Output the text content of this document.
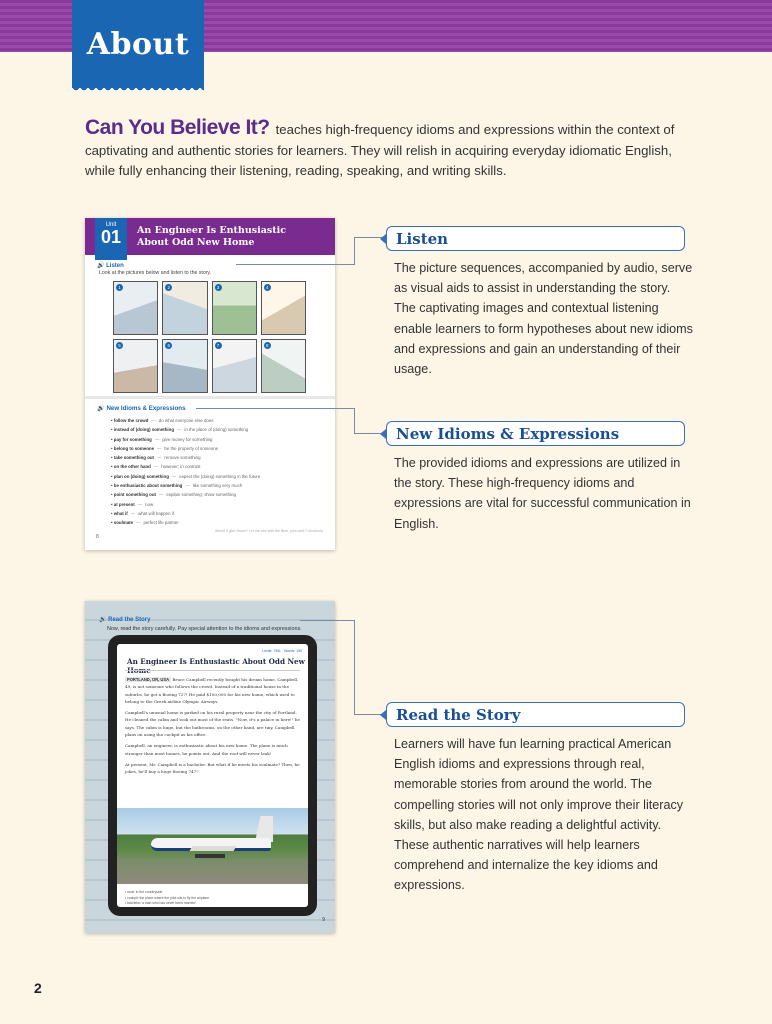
About

Can You Believe It? teaches high-frequency idioms and expressions within the context of captivating and authentic stories for learners. They will relish in acquiring everyday idiomatic English, while fully enhancing their listening, reading, speaking, and writing skills.

Unit
01	An Engineer Is Enthusiastic
About Odd New Home
🔊 Listen
Look at the pictures below and listen to the story.
1
2
3
4
5
6
7
8
🔊 New Idioms & Expressions
• follow the crowd — do what everyone else does
• instead of (doing) something — in the place of (doing) something
• pay for something — give money for something
• belong to someone — be the property of someone
• take something out — remove something
• on the other hand — however; in contrast
• plan on (doing) something — expect the (doing) something in the future
• be enthusiastic about something — like something very much
• point something out — explain something; show something
• at present — now
• what if — what will happen if
• soulmate — perfect life partner
Would it give Bruce? Let me see with the Blue, plus and © shortcuts
8
🔊 Read the Story
Now, read the story carefully. Pay special attention to the idioms and expressions.
Lexile: 750L · Words: 150
An Engineer Is Enthusiastic About Odd New

PORTLAND, OR, USA Bruce Campbell recently bought his dream home. Campbell, 49, is not someone who follows the crowd. Instead of a traditional house in the suburbs, he got a Boeing 727! He paid $100,000 for his new home, which used to belong to the Greek airline Olympic Airways.

Campbell's unusual home is parked on his rural property near the city of Portland. He cleaned the cabin and took out most of the seats. "Now, it's a palace in here!" he says. The cabin is huge, but the bathrooms, on the other hand, are tiny. Campbell plans on using the cockpit as his office.

Campbell, an engineer, is enthusiastic about his new home. The plane is much stronger than most homes, he points out. And the roof will never leak!

At present, Mr. Campbell is a bachelor. But what if he meets his soulmate? Then, he jokes, he'll buy a huge Boeing 747!

• rural: in the countryside
• cockpit: the place where the pilot sits to fly the airplane
• bachelor: a man who has never been married
9
Listen

The picture sequences, accompanied by audio, serve as visual aids to assist in understanding the story. The captivating images and contextual listening enable learners to form hypotheses about new idioms and expressions and gain an understanding of their usage.

New Idioms & Expressions

The provided idioms and expressions are utilized in the story. These high-frequency idioms and expressions are vital for successful communication in English.

Read the Story

Learners will have fun learning practical American English idioms and expressions through real, memorable stories from around the world. The compelling stories will not only improve their literacy skills, but also make reading a delightful activity. These authentic narratives will help learners comprehend and internalize the key idioms and expressions.

2
